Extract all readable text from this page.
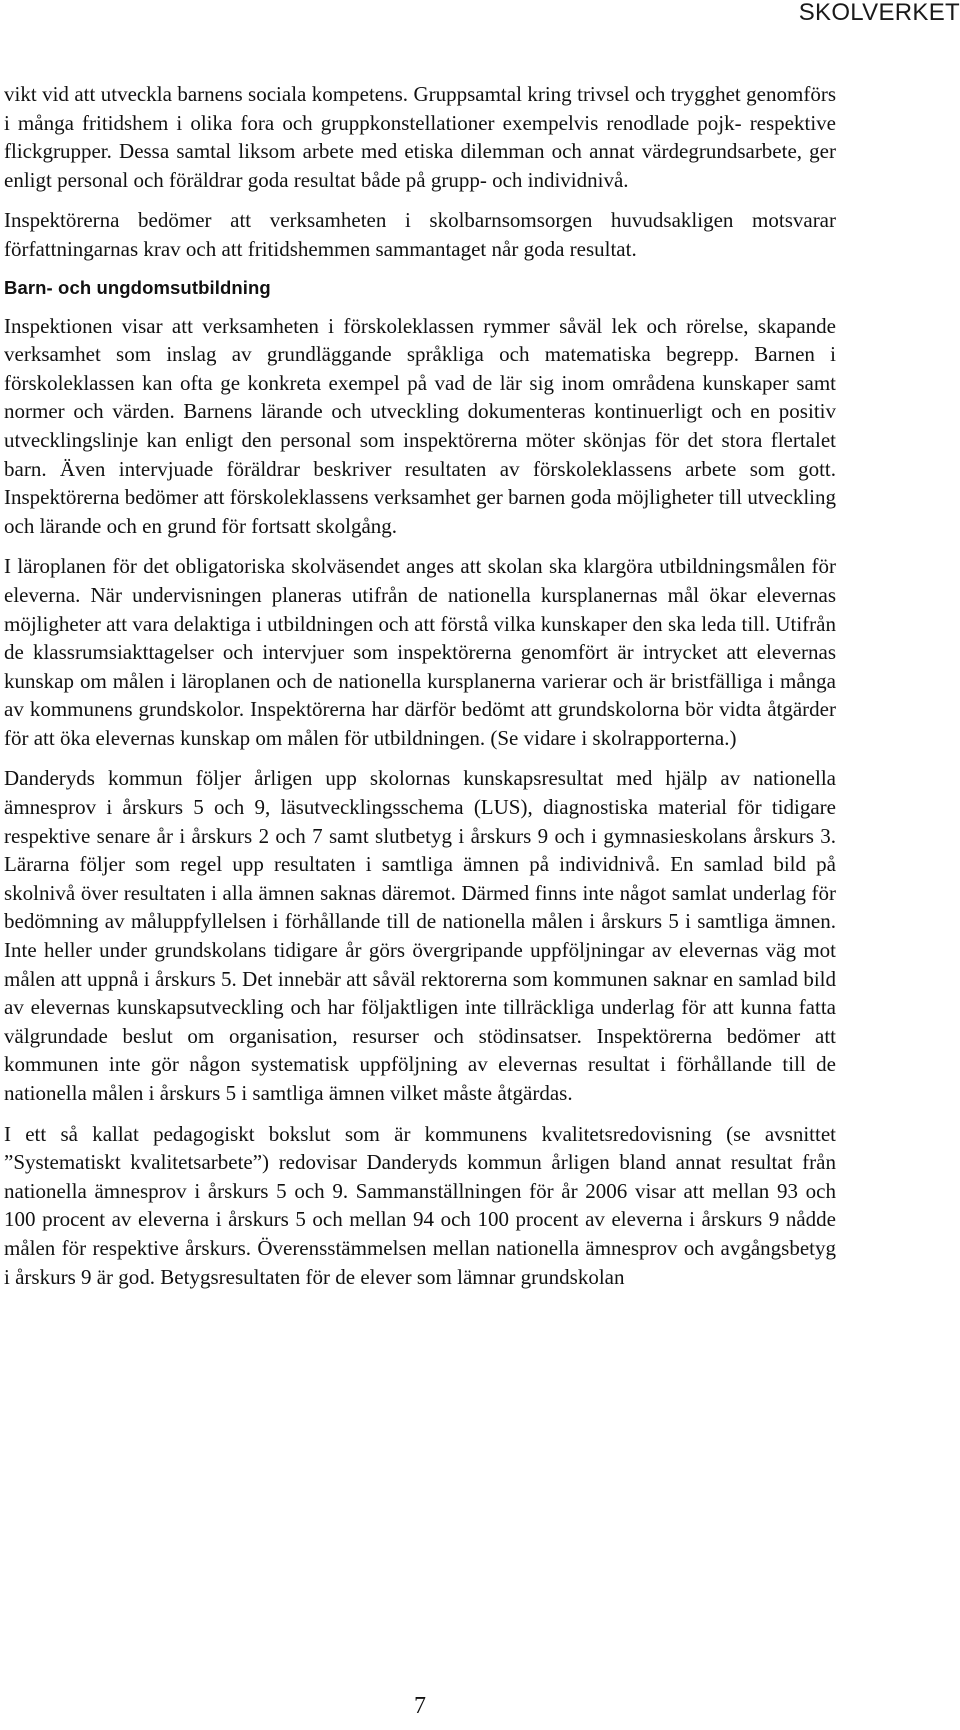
SKOLVERKET

vikt vid att utveckla barnens sociala kompetens. Gruppsamtal kring trivsel och trygghet genomförs i många fritidshem i olika fora och gruppkonstellationer exempelvis renodlade pojk- respektive flickgrupper. Dessa samtal liksom arbete med etiska dilemman och annat värdegrundsarbete, ger enligt personal och föräldrar goda resultat både på grupp- och individnivå.

Inspektörerna bedömer att verksamheten i skolbarnsomsorgen huvudsakligen motsvarar författningarnas krav och att fritidshemmen sammantaget når goda resultat.

Barn- och ungdomsutbildning

Inspektionen visar att verksamheten i förskoleklassen rymmer såväl lek och rörelse, skapande verksamhet som inslag av grundläggande språkliga och matematiska begrepp. Barnen i förskoleklassen kan ofta ge konkreta exempel på vad de lär sig inom områdena kunskaper samt normer och värden. Barnens lärande och utveckling dokumenteras kontinuerligt och en positiv utvecklingslinje kan enligt den personal som inspektörerna möter skönjas för det stora flertalet barn. Även intervjuade föräldrar beskriver resultaten av förskoleklassens arbete som gott. Inspektörerna bedömer att förskoleklassens verksamhet ger barnen goda möjligheter till utveckling och lärande och en grund för fortsatt skolgång.

I läroplanen för det obligatoriska skolväsendet anges att skolan ska klargöra utbildningsmålen för eleverna. När undervisningen planeras utifrån de nationella kursplanernas mål ökar elevernas möjligheter att vara delaktiga i utbildningen och att förstå vilka kunskaper den ska leda till. Utifrån de klassrumsiakttagelser och intervjuer som inspektörerna genomfört är intrycket att elevernas kunskap om målen i läroplanen och de nationella kursplanerna varierar och är bristfälliga i många av kommunens grundskolor. Inspektörerna har därför bedömt att grundskolorna bör vidta åtgärder för att öka elevernas kunskap om målen för utbildningen. (Se vidare i skolrapporterna.)

Danderyds kommun följer årligen upp skolornas kunskapsresultat med hjälp av nationella ämnesprov i årskurs 5 och 9, läsutvecklingsschema (LUS), diagnostiska material för tidigare respektive senare år i årskurs 2 och 7 samt slutbetyg i årskurs 9 och i gymnasieskolans årskurs 3. Lärarna följer som regel upp resultaten i samtliga ämnen på individnivå. En samlad bild på skolnivå över resultaten i alla ämnen saknas däremot. Därmed finns inte något samlat underlag för bedömning av måluppfyllelsen i förhållande till de nationella målen i årskurs 5 i samtliga ämnen. Inte heller under grundskolans tidigare år görs övergripande uppföljningar av elevernas väg mot målen att uppnå i årskurs 5. Det innebär att såväl rektorerna som kommunen saknar en samlad bild av elevernas kunskapsutveckling och har följaktligen inte tillräckliga underlag för att kunna fatta välgrundade beslut om organisation, resurser och stödinsatser. Inspektörerna bedömer att kommunen inte gör någon systematisk uppföljning av elevernas resultat i förhållande till de nationella målen i årskurs 5 i samtliga ämnen vilket måste åtgärdas.

I ett så kallat pedagogiskt bokslut som är kommunens kvalitetsredovisning (se avsnittet ”Systematiskt kvalitetsarbete”) redovisar Danderyds kommun årligen bland annat resultat från nationella ämnesprov i årskurs 5 och 9. Sammanställningen för år 2006 visar att mellan 93 och 100 procent av eleverna i årskurs 5 och mellan 94 och 100 procent av eleverna i årskurs 9 nådde målen för respektive årskurs. Överensstämmelsen mellan nationella ämnesprov och avgångsbetyg i årskurs 9 är god. Betygsresultaten för de elever som lämnar grundskolan

7
